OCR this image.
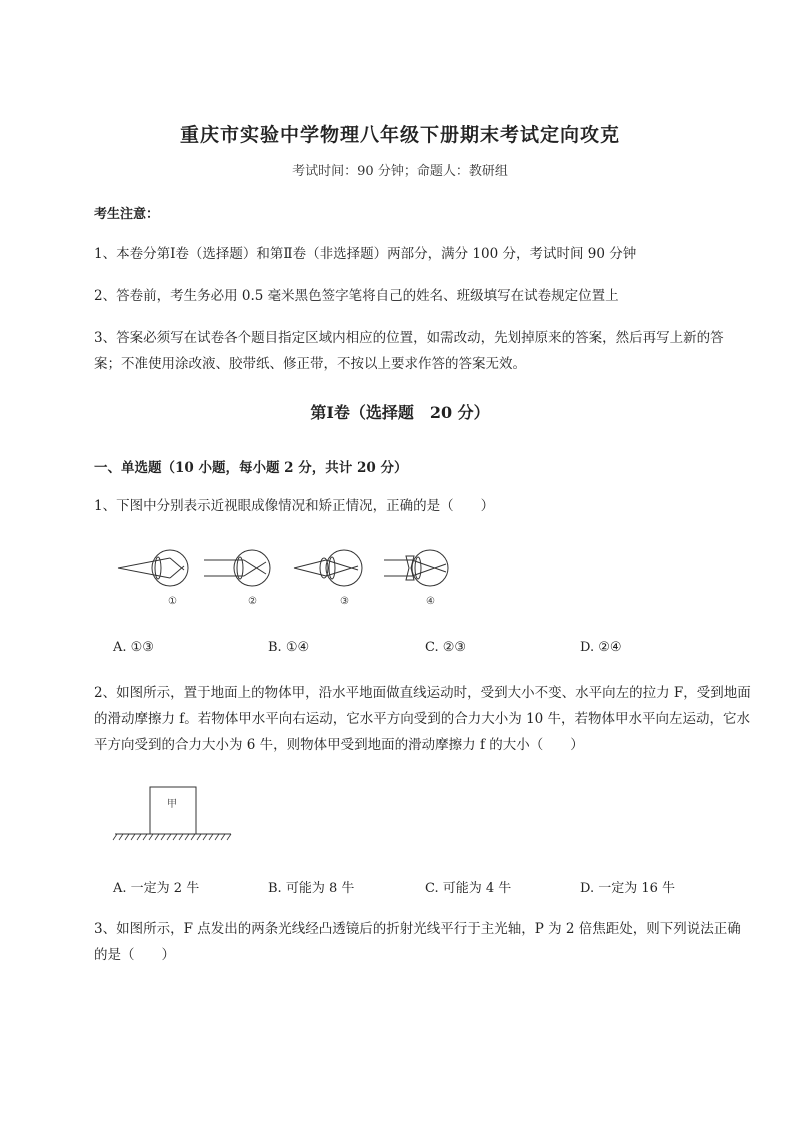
重庆市实验中学物理八年级下册期末考试定向攻克
考试时间：90 分钟；命题人：教研组
考生注意：
1、本卷分第Ⅰ卷（选择题）和第Ⅱ卷（非选择题）两部分，满分 100 分，考试时间 90 分钟
2、答卷前，考生务必用 0.5 毫米黑色签字笔将自己的姓名、班级填写在试卷规定位置上
3、答案必须写在试卷各个题目指定区域内相应的位置，如需改动，先划掉原来的答案，然后再写上新的答案；不准使用涂改液、胶带纸、修正带，不按以上要求作答的答案无效。
第Ⅰ卷（选择题　20 分）
一、单选题（10 小题，每小题 2 分，共计 20 分）
1、下图中分别表示近视眼成像情况和矫正情况，正确的是（　　）
①	②	③	④
A. ①③	B. ①④	C. ②③	D. ②④
2、如图所示，置于地面上的物体甲，沿水平地面做直线运动时，受到大小不变、水平向左的拉力 F，受到地面的滑动摩擦力 f。若物体甲水平向右运动，它水平方向受到的合力大小为 10 牛，若物体甲水平向左运动，它水平方向受到的合力大小为 6 牛，则物体甲受到地面的滑动摩擦力 f 的大小（　　）
甲
A. 一定为 2 牛	B. 可能为 8 牛	C. 可能为 4 牛	D. 一定为 16 牛
3、如图所示，F 点发出的两条光线经凸透镜后的折射光线平行于主光轴，P 为 2 倍焦距处，则下列说法正确的是（　　）
